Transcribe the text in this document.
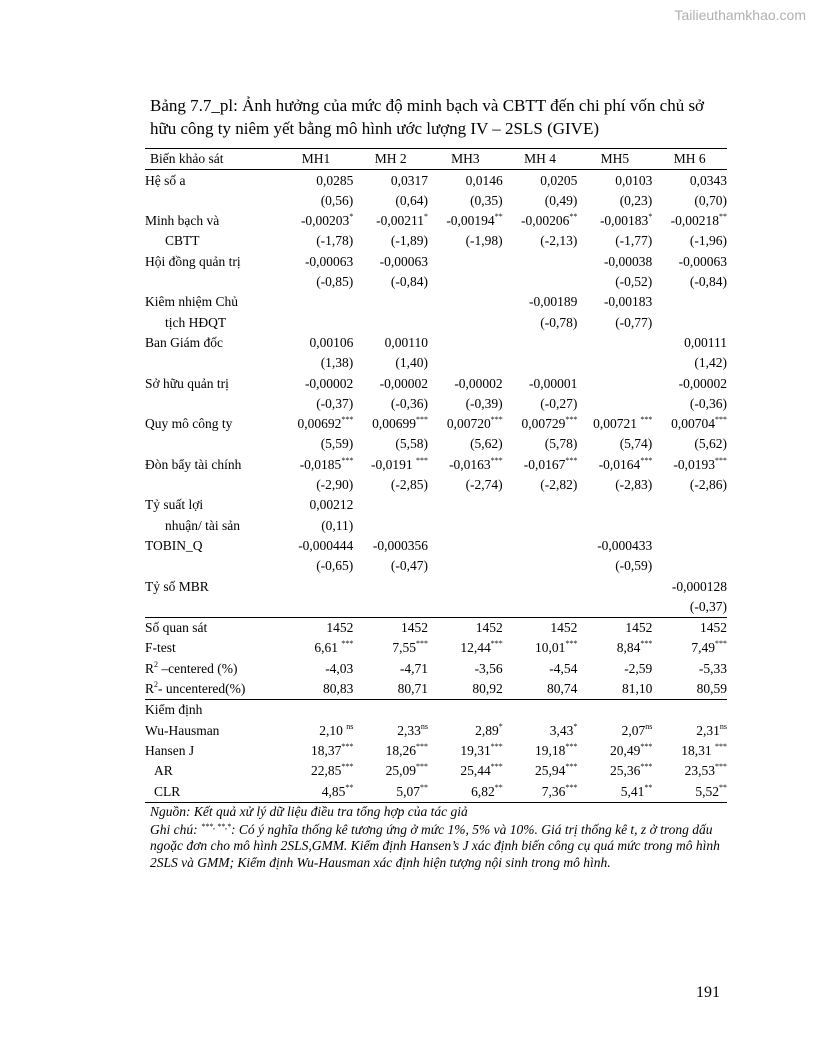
Tailieuthamkhao.com
Bảng 7.7_pl: Ảnh hưởng của mức độ minh bạch và CBTT đến chi phí vốn chủ sở hữu công ty niêm yết bằng mô hình ước lượng IV – 2SLS (GIVE)
Biến khảo sát	MH1	MH 2	MH3	MH 4	MH5	MH 6
Hệ số a	0,0285	0,0317	0,0146	0,0205	0,0103	0,0343
	(0,56)	(0,64)	(0,35)	(0,49)	(0,23)	(0,70)
Minh bạch và	-0,00203*	-0,00211*	-0,00194**	-0,00206**	-0,00183*	-0,00218**
CBTT	(-1,78)	(-1,89)	(-1,98)	(-2,13)	(-1,77)	(-1,96)
Hội đồng quản trị	-0,00063	-0,00063			-0,00038	-0,00063
	(-0,85)	(-0,84)			(-0,52)	(-0,84)
Kiêm nhiệm Chủ				-0,00189	-0,00183	
tịch HĐQT				(-0,78)	(-0,77)	
Ban Giám đốc	0,00106	0,00110				0,00111
	(1,38)	(1,40)				(1,42)
Sở hữu quản trị	-0,00002	-0,00002	-0,00002	-0,00001		-0,00002
	(-0,37)	(-0,36)	(-0,39)	(-0,27)		(-0,36)
Quy mô công ty	0,00692***	0,00699***	0,00720***	0,00729***	0,00721 ***	0,00704***
	(5,59)	(5,58)	(5,62)	(5,78)	(5,74)	(5,62)
Đòn bẩy tài chính	-0,0185***	-0,0191 ***	-0,0163***	-0,0167***	-0,0164***	-0,0193***
	(-2,90)	(-2,85)	(-2,74)	(-2,82)	(-2,83)	(-2,86)
Tỷ suất lợi	0,00212					
nhuận/ tài sản	(0,11)					
TOBIN_Q	-0,000444	-0,000356			-0,000433	
	(-0,65)	(-0,47)			(-0,59)	
Tỷ số MBR						-0,000128
						(-0,37)
Số quan sát	1452	1452	1452	1452	1452	1452
F-test	6,61 ***	7,55***	12,44***	10,01***	8,84***	7,49***
$R^2$ –centered (%)	-4,03	-4,71	-3,56	-4,54	-2,59	-5,33
$R^2-$ uncentered(%)	80,83	80,71	80,92	80,74	81,10	80,59
Kiểm định						
Wu-Hausman	2,10 $^{ns}$	$2,33^{ns}$	2,89*	3,43*	$2,07^{ns}$	$2,31^{ns}$
Hansen J	18,37***	18,26***	19,31***	19,18***	20,49***	18,31 ***
AR	22,85***	25,09***	25,44***	25,94***	25,36***	23,53***
CLR	4,85**	5,07**	6,82**	7,36***	5,41**	5,52**

Nguồn: Kết quả xử lý dữ liệu điều tra tổng hợp của tác giả

Ghi chú: ***, **,*: Có ý nghĩa thống kê tương ứng ở mức 1%, 5% và 10%. Giá trị thống kê t, z ở trong dấu ngoặc đơn cho mô hình 2SLS,GMM. Kiểm định Hansen’s J xác định biến công cụ quá mức trong mô hình 2SLS và GMM; Kiểm định Wu-Hausman xác định hiện tượng nội sinh trong mô hình.

191
